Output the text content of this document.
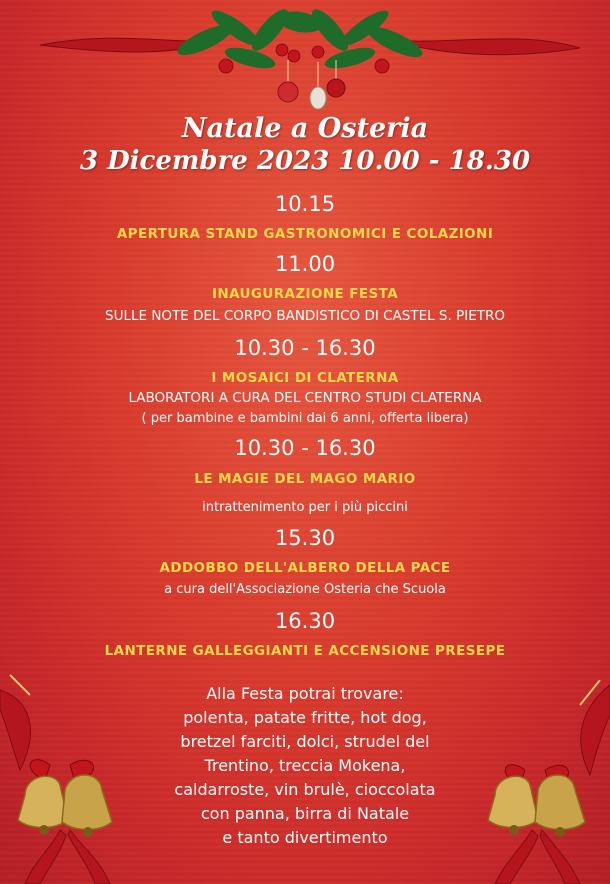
Natale a Osteria
3 Dicembre 2023 10.00 - 18.30
10.15
APERTURA STAND GASTRONOMICI E COLAZIONI
11.00
INAUGURAZIONE FESTA
SULLE NOTE DEL CORPO BANDISTICO DI CASTEL S. PIETRO
10.30 - 16.30
I MOSAICI DI CLATERNA
LABORATORI A CURA DEL CENTRO STUDI CLATERNA
( per bambine e bambini dai 6 anni, offerta libera)
10.30 - 16.30
LE MAGIE DEL MAGO MARIO
intrattenimento per i più piccini
15.30
ADDOBBO DELL'ALBERO DELLA PACE
a cura dell'Associazione Osteria che Scuola
16.30
LANTERNE GALLEGGIANTI E ACCENSIONE PRESEPE
Alla Festa potrai trovare:
polenta, patate fritte, hot dog,
bretzel farciti, dolci, strudel del
Trentino, treccia Mokena,
caldarroste, vin brulè, cioccolata
con panna, birra di Natale
e tanto divertimento
